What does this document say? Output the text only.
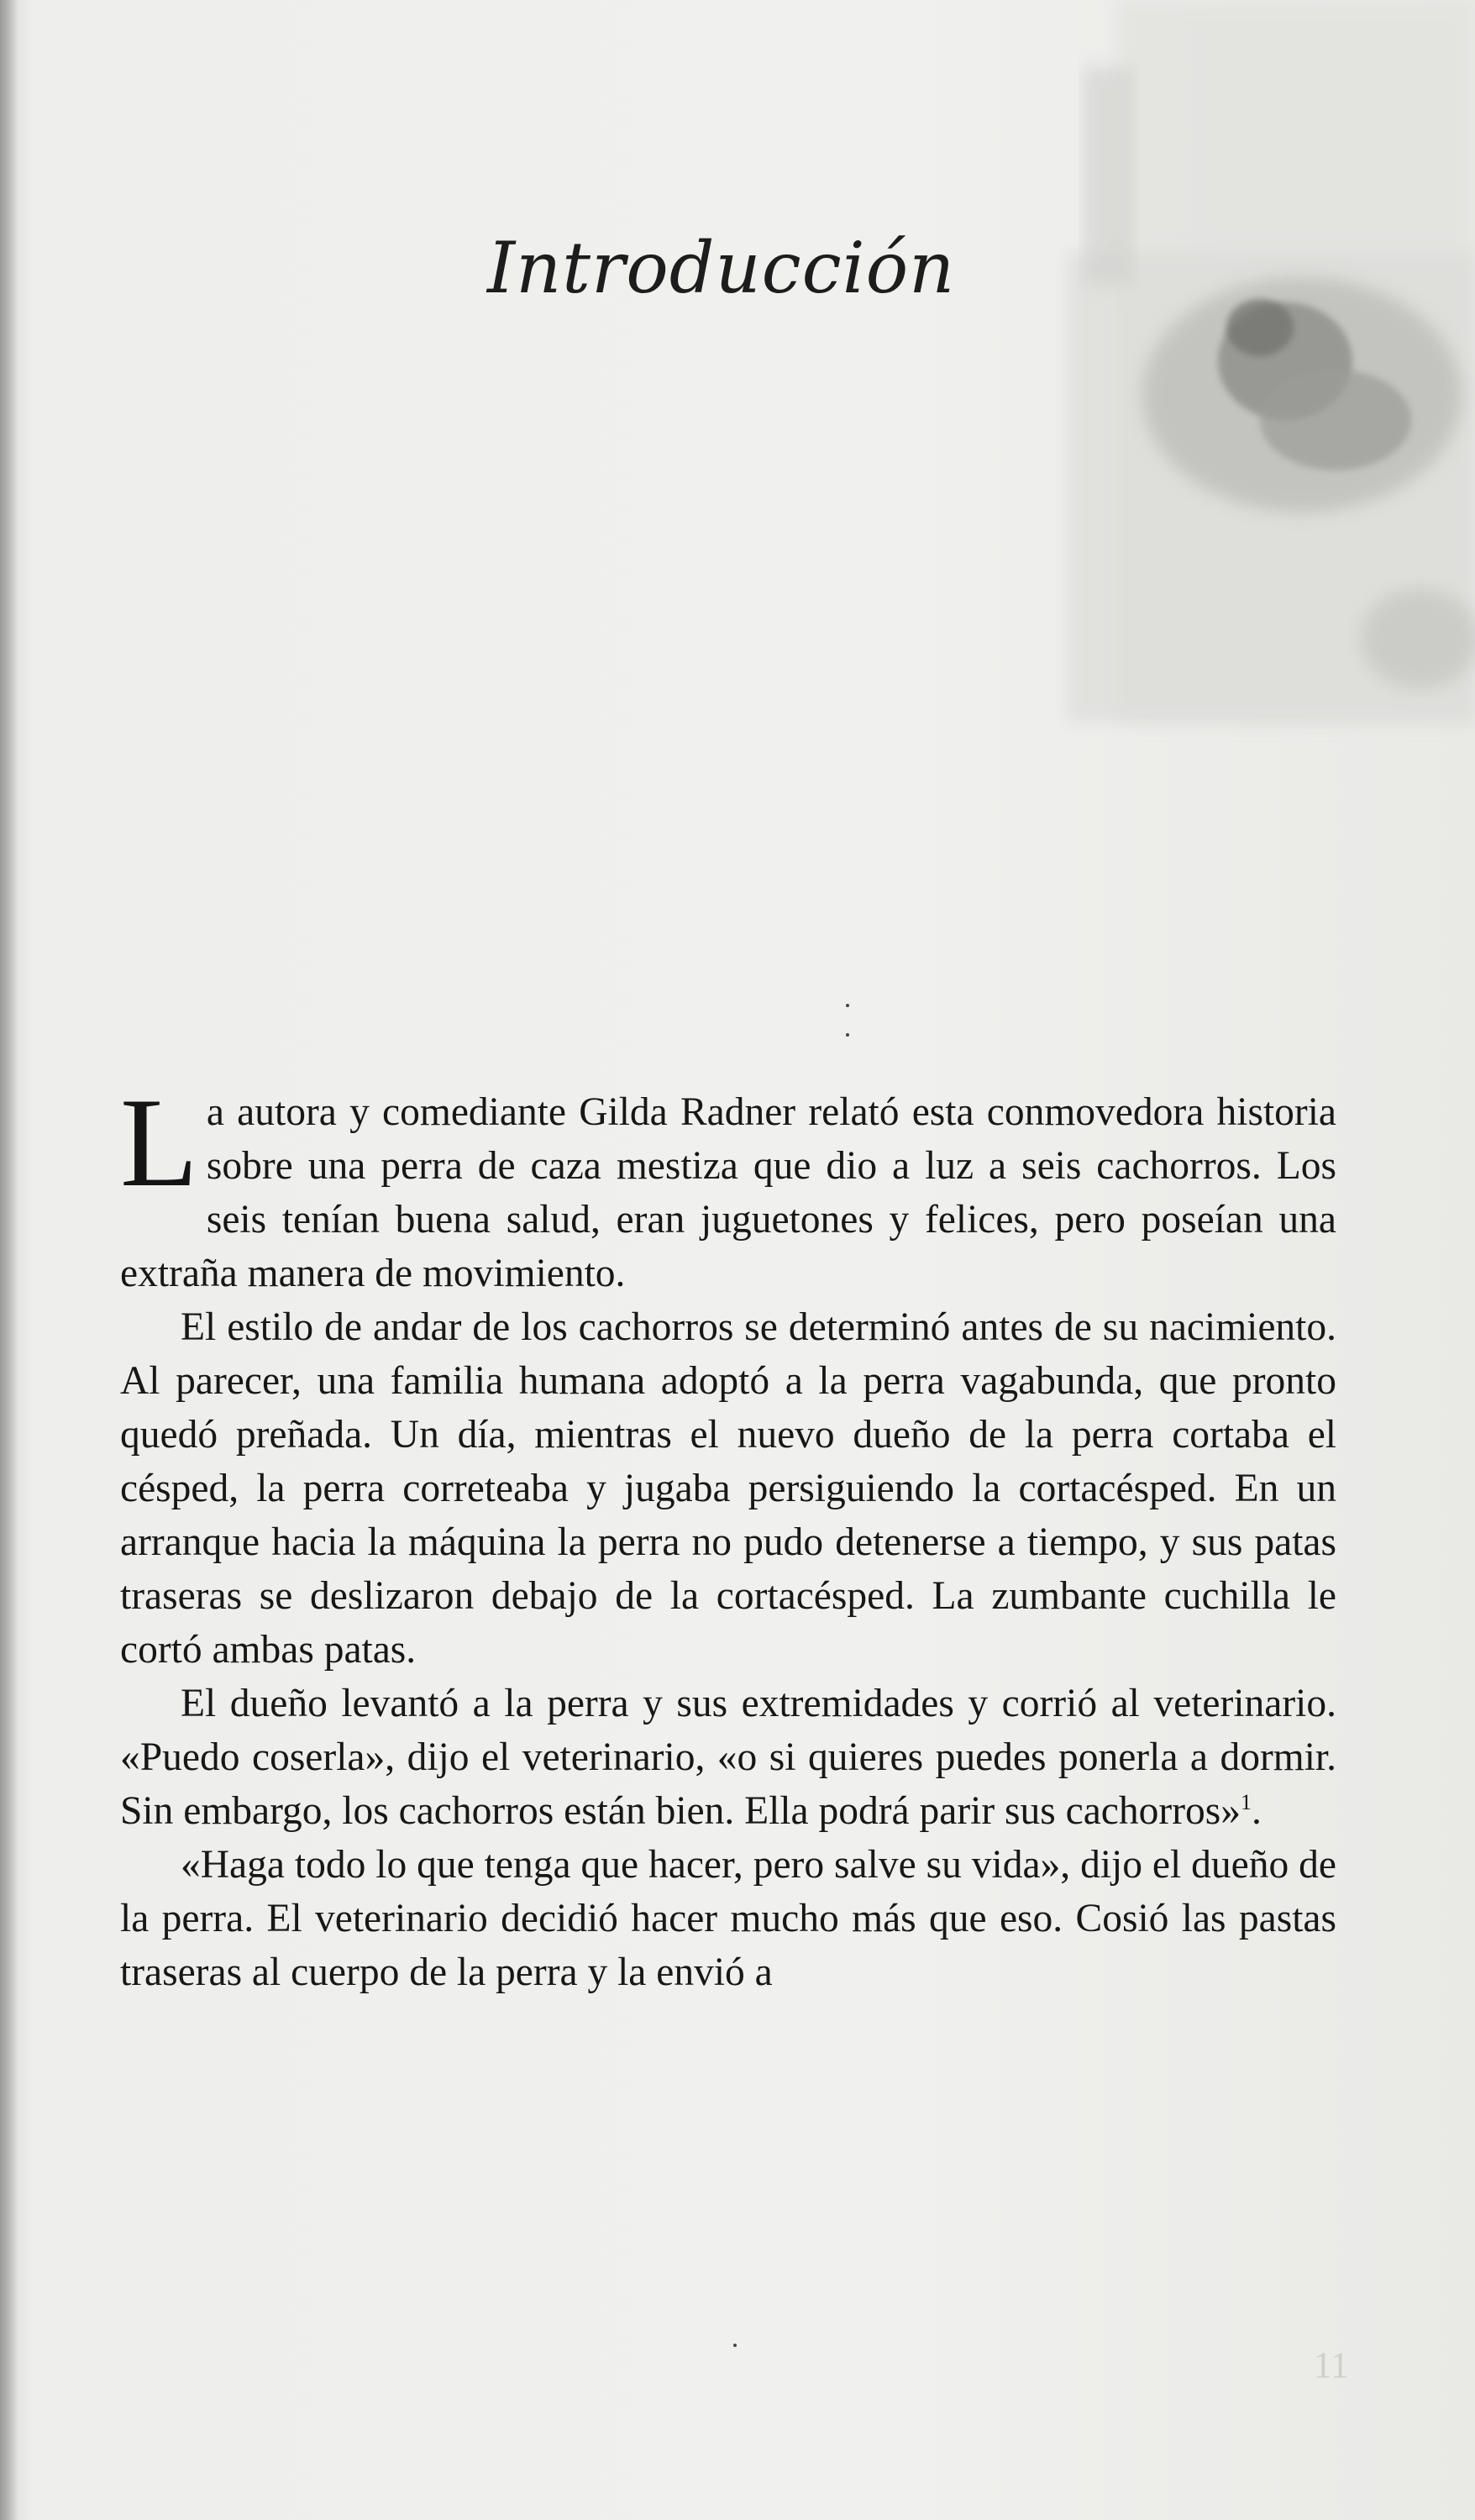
Introducción

La autora y comediante Gilda Radner relató esta conmovedora historia sobre una perra de caza mestiza que dio a luz a seis cachorros. Los seis tenían buena salud, eran juguetones y felices, pero poseían una extraña manera de movimiento.

El estilo de andar de los cachorros se determinó antes de su nacimiento. Al parecer, una familia humana adoptó a la perra vagabunda, que pronto quedó preñada. Un día, mientras el nuevo dueño de la perra cortaba el césped, la perra correteaba y jugaba persiguiendo la cortacésped. En un arranque hacia la máquina la perra no pudo detenerse a tiempo, y sus patas traseras se deslizaron debajo de la cortacésped. La zumbante cuchilla le cortó ambas patas.

El dueño levantó a la perra y sus extremidades y corrió al veterinario. «Puedo coserla», dijo el veterinario, «o si quieres puedes ponerla a dormir. Sin embargo, los cachorros están bien. Ella podrá parir sus cachorros»$^1$.

«Haga todo lo que tenga que hacer, pero salve su vida», dijo el dueño de la perra. El veterinario decidió hacer mucho más que eso. Cosió las pastas traseras al cuerpo de la perra y la envió a

11
